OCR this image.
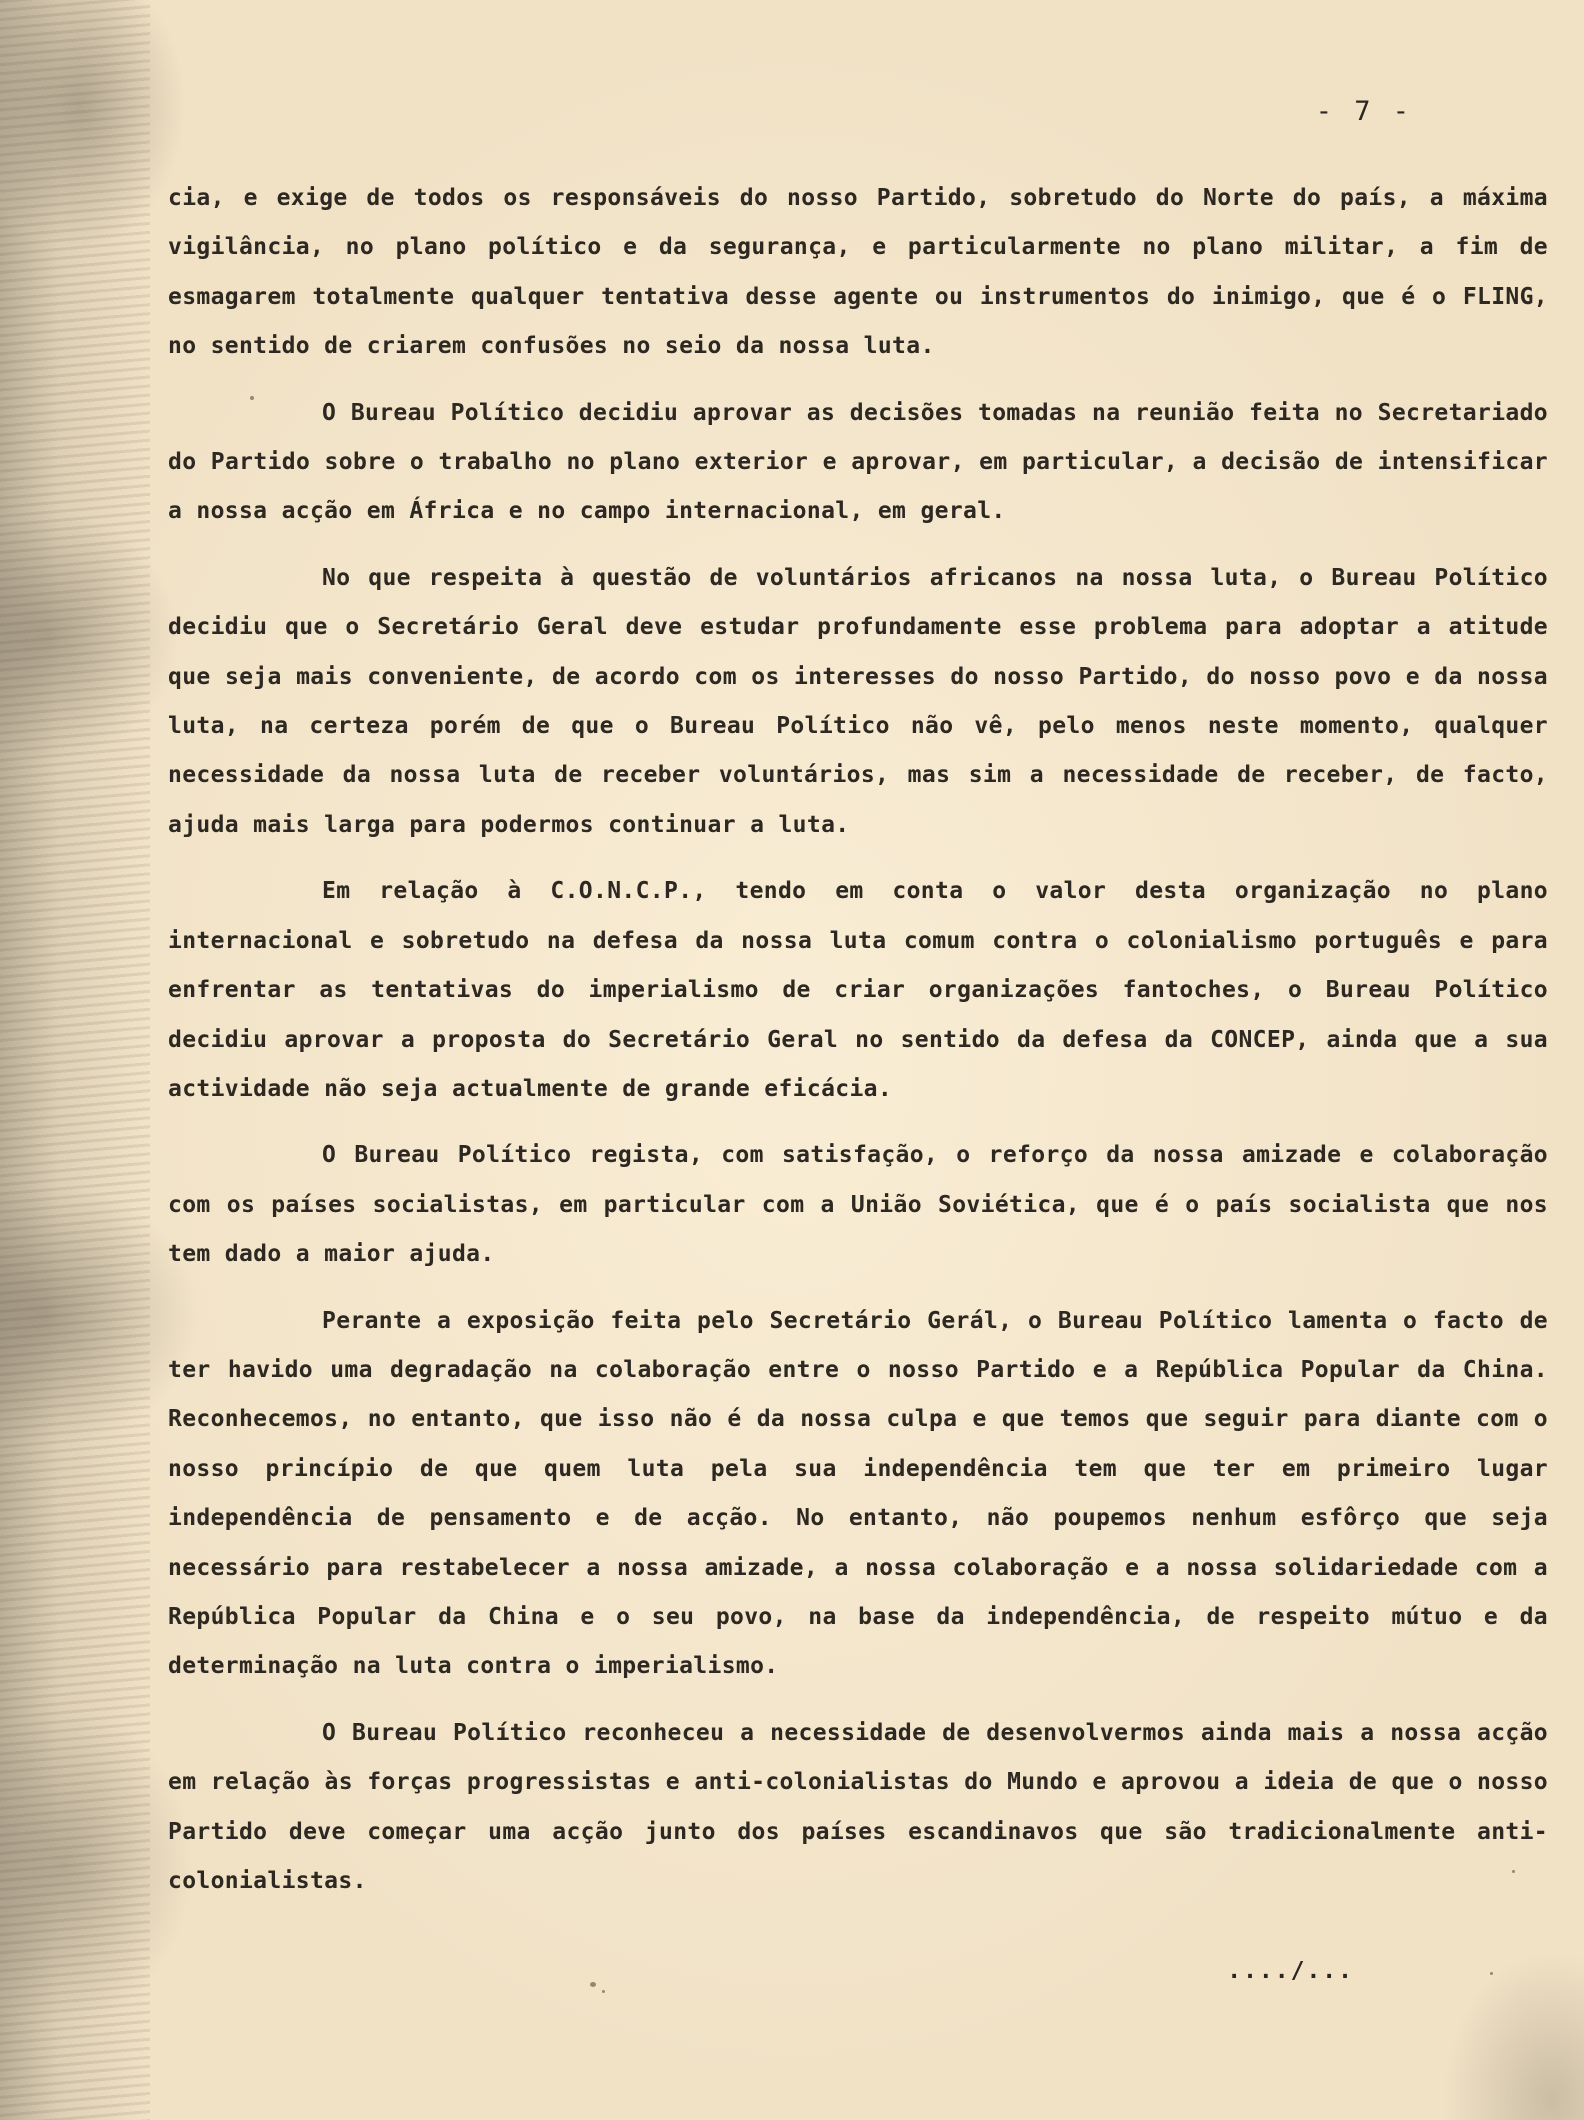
- 7 -

cia, e exige de todos os responsáveis do nosso Partido, sobretudo do Norte do país, a máxima vigilância, no plano político e da segurança, e particularmente no plano militar, a fim de esmagarem totalmente qualquer tentativa desse agente ou instrumentos do inimigo, que é o FLING, no sentido de criarem confusões no seio da nossa luta.

O Bureau Político decidiu aprovar as decisões tomadas na reunião feita no Secretariado do Partido sobre o trabalho no plano exterior e aprovar, em particular, a decisão de intensificar a nossa acção em África e no campo internacional, em geral.

No que respeita à questão de voluntários africanos na nossa luta, o Bureau Político decidiu que o Secretário Geral deve estudar profundamente esse problema para adoptar a atitude que seja mais conveniente, de acordo com os interesses do nosso Partido, do nosso povo e da nossa luta, na certeza porém de que o Bureau Político não vê, pelo menos neste momento, qualquer necessidade da nossa luta de receber voluntários, mas sim a necessidade de receber, de facto, ajuda mais larga para podermos continuar a luta.

Em relação à C.O.N.C.P., tendo em conta o valor desta organização no plano internacional e sobretudo na defesa da nossa luta comum contra o colonialismo português e para enfrentar as tentativas do imperialismo de criar organizações fantoches, o Bureau Político decidiu aprovar a proposta do Secretário Geral no sentido da defesa da CONCEP, ainda que a sua actividade não seja actualmente de grande eficácia.

O Bureau Político regista, com satisfação, o reforço da nossa amizade e colaboração com os países socialistas, em particular com a União Soviética, que é o país socialista que nos tem dado a maior ajuda.

Perante a exposição feita pelo Secretário Gerál, o Bureau Político lamenta o facto de ter havido uma degradação na colaboração entre o nosso Partido e a República Popular da China. Reconhecemos, no entanto, que isso não é da nossa culpa e que temos que seguir para diante com o nosso princípio de que quem luta pela sua independência tem que ter em primeiro lugar independência de pensamento e de acção. No entanto, não poupemos nenhum esfôrço que seja necessário para restabelecer a nossa amizade, a nossa colaboração e a nossa solidariedade com a República Popular da China e o seu povo, na base da independência, de respeito mútuo e da determinação na luta contra o imperialismo.

O Bureau Político reconheceu a necessidade de desenvolvermos ainda mais a nossa acção em relação às forças progressistas e anti-colonialistas do Mundo e aprovou a ideia de que o nosso Partido deve começar uma acção junto dos países escandinavos que são tradicionalmente anti-colonialistas.

..../...
